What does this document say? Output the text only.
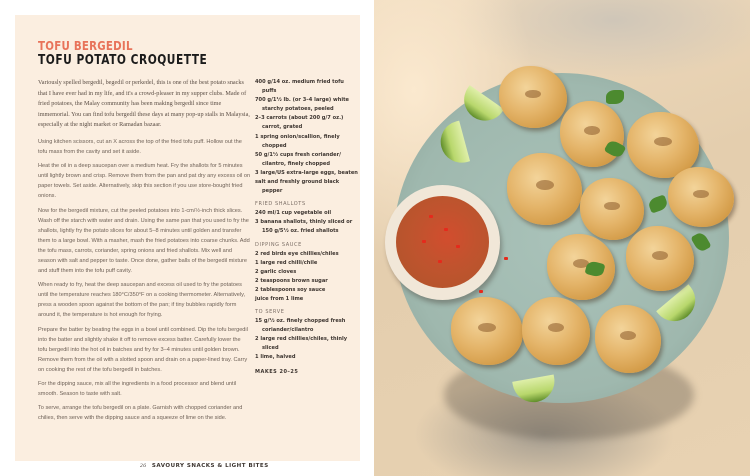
TOFU BERGEDIL
TOFU POTATO CROQUETTE

Variously spelled bergedil, begedil or perkedel, this is one of the best potato snacks that I have ever had in my life, and it's a crowd-pleaser in my supper clubs. Made of fried potatoes, the Malay community has been making bergedil since time immemorial. You can find tofu bergedil these days at many pop-up stalls in Malaysia, especially at the night market or Ramadan bazaar.

Using kitchen scissors, cut an X across the top of the fried tofu puff. Hollow out the tofu mass from the cavity and set it aside.

Heat the oil in a deep saucepan over a medium heat. Fry the shallots for 5 minutes until lightly brown and crisp. Remove them from the pan and pat dry any excess oil on paper towels. Set aside. Alternatively, skip this section if you use store-bought fried onions.

Now for the bergedil mixture, cut the peeled potatoes into 1-cm/½-inch thick slices. Wash off the starch with water and drain. Using the same pan that you used to fry the shallots, lightly fry the potato slices for about 5–8 minutes until golden and transfer them to a large bowl. With a masher, mash the fried potatoes into coarse chunks. Add the tofu mass, carrots, coriander, spring onions and fried shallots. Mix well and season with salt and pepper to taste. Once done, gather balls of the bergedil mixture and stuff them into the tofu puff cavity.

When ready to fry, heat the deep saucepan and excess oil used to fry the potatoes until the temperature reaches 180°C/350°F on a cooking thermometer. Alternatively, press a wooden spoon against the bottom of the pan; if tiny bubbles rapidly form around it, the temperature is hot enough for frying.

Prepare the batter by beating the eggs in a bowl until combined. Dip the tofu bergedil into the batter and slightly shake it off to remove excess batter. Carefully lower the tofu bergedil into the hot oil in batches and fry for 3–4 minutes until golden brown. Remove them from the oil with a slotted spoon and drain on a paper-lined tray. Carry on cooking the rest of the tofu bergedil in batches.

For the dipping sauce, mix all the ingredients in a food processor and blend until smooth. Season to taste with salt.

To serve, arrange the tofu bergedil on a plate. Garnish with chopped coriander and chilies, then serve with the dipping sauce and a squeeze of lime on the side.

400 g/14 oz. medium fried tofu puffs
700 g/1½ lb. (or 3–4 large) white starchy potatoes, peeled
2–3 carrots (about 200 g/7 oz.) carrot, grated
1 spring onion/scallion, finely chopped
50 g/1½ cups fresh coriander/ cilantro, finely chopped
3 large/US extra-large eggs, beaten
salt and freshly ground black pepper
FRIED SHALLOTS
240 ml/1 cup vegetable oil
3 banana shallots, thinly sliced or 150 g/5½ oz. fried shallots
DIPPING SAUCE
2 red birds eye chillies/chiles
1 large red chilli/chile
2 garlic cloves
2 teaspoons brown sugar
2 tablespoons soy sauce
juice from 1 lime
TO SERVE
15 g/½ oz. finely chopped fresh coriander/cilantro
2 large red chillies/chiles, thinly sliced
1 lime, halved
MAKES 20–25
26 SAVOURY SNACKS & LIGHT BITES
